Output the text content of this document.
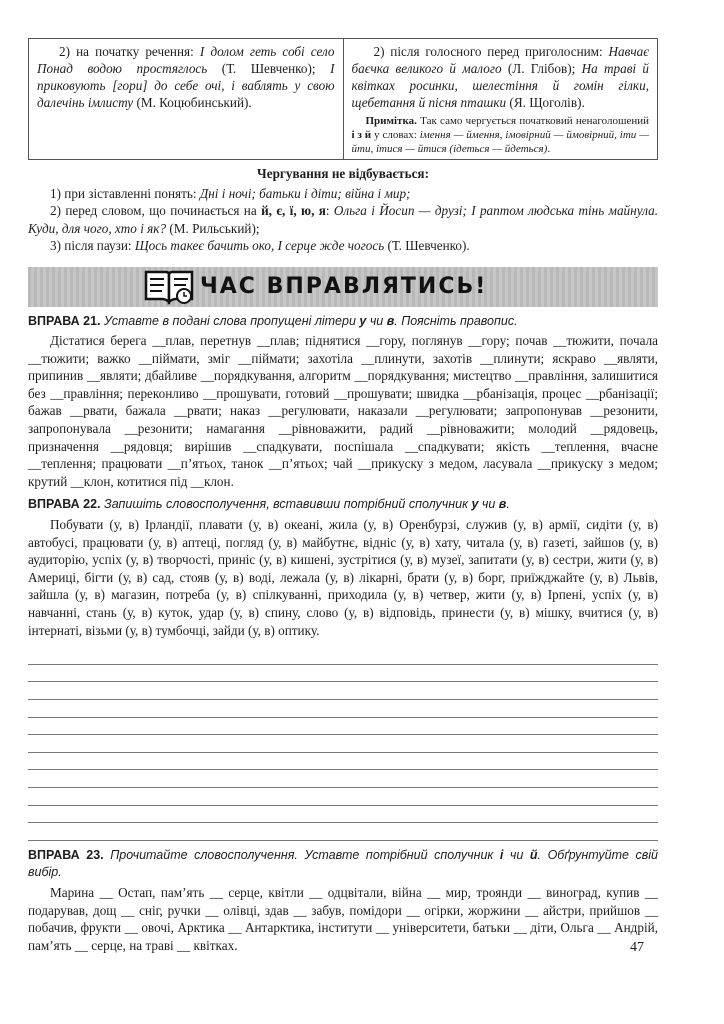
2) на початку речення: І долом геть собі село Понад водою простяглось (Т. Шевченко); І приковують [гори] до себе очі, і ваблять у свою далечінь імлисту (М. Коцюбинський).

2) після голосного перед приголосним: Навчає баєчка великого й малого (Л. Глібов); На траві й квітках росинки, шелестіння й гомін гілки, щебетання й пісня пташки (Я. Щоголів).

Примітка. Так само чергується початковий ненаголошений і з й у словах: імення — ймення, імовірний — ймовірний, іти — йти, ітися — йтися (ідеться — йдеться).

Чергування не відбувається:

1) при зіставленні понять: Дні і ночі; батьки і діти; війна і мир;

2) перед словом, що починається на й, є, ї, ю, я: Ольга і Йосип — друзі; І раптом людська тінь майнула. Куди, для чого, хто і як? (М. Рильський);

3) після паузи: Щось такеє бачить око, І серце жде чогось (Т. Шевченко).

ЧАС ВПРАВЛЯТИСЬ!

ВПРАВА 21. Уставте в подані слова пропущені літери у чи в. Поясніть правопис.

Дістатися берега __плав, перетнув __плав; піднятися __гору, поглянув __гору; почав __тюжити, почала __тюжити; важко __піймати, зміг __піймати; захотіла __плинути, захотів __плинути; яскраво __являти, припинив __являти; дбайливе __порядкування, алгоритм __порядкування; мистецтво __правління, залишитися без __правління; переконливо __прошувати, готовий __прошувати; швидка __рбанізація, процес __рбанізації; бажав __рвати, бажала __рвати; наказ __регулювати, наказали __регулювати; запропонував __резонити, запропонувала __резонити; намагання __рівноважити, радий __рівноважити; молодий __рядовець, призначення __рядовця; вирішив __спадкувати, поспішала __спадкувати; якість __теплення, вчасне __теплення; працювати __п’ятьох, танок __п’ятьох; чай __прикуску з медом, ласувала __прикуску з медом; крутий __клон, котитися під __клон.

ВПРАВА 22. Запишіть словосполучення, вставивши потрібний сполучник у чи в.

Побувати (у, в) Ірландії, плавати (у, в) океані, жила (у, в) Оренбурзі, служив (у, в) армії, сидіти (у, в) автобусі, працювати (у, в) аптеці, погляд (у, в) майбутнє, відніс (у, в) хату, читала (у, в) газеті, зайшов (у, в) аудиторію, успіх (у, в) творчості, приніс (у, в) кишені, зустрітися (у, в) музеї, запитати (у, в) сестри, жити (у, в) Америці, бігти (у, в) сад, стояв (у, в) воді, лежала (у, в) лікарні, брати (у, в) борг, приїжджайте (у, в) Львів, зайшла (у, в) магазин, потреба (у, в) спілкуванні, приходила (у, в) четвер, жити (у, в) Ірпені, успіх (у, в) навчанні, стань (у, в) куток, удар (у, в) спину, слово (у, в) відповідь, принести (у, в) мішку, вчитися (у, в) інтернаті, візьми (у, в) тумбочці, зайди (у, в) оптику.

ВПРАВА 23. Прочитайте словосполучення. Уставте потрібний сполучник і чи й. Обґрунтуйте свій вибір.

Марина __ Остап, пам’ять __ серце, квітли __ одцвітали, війна __ мир, троянди __ виноград, купив __ подарував, дощ __ сніг, ручки __ олівці, здав __ забув, помідори __ огірки, жоржини __ айстри, прийшов __ побачив, фрукти __ овочі, Арктика __ Антарктика, інститути __ університети, батьки __ діти, Ольга __ Андрій, пам’ять __ серце, на траві __ квітках.	47
